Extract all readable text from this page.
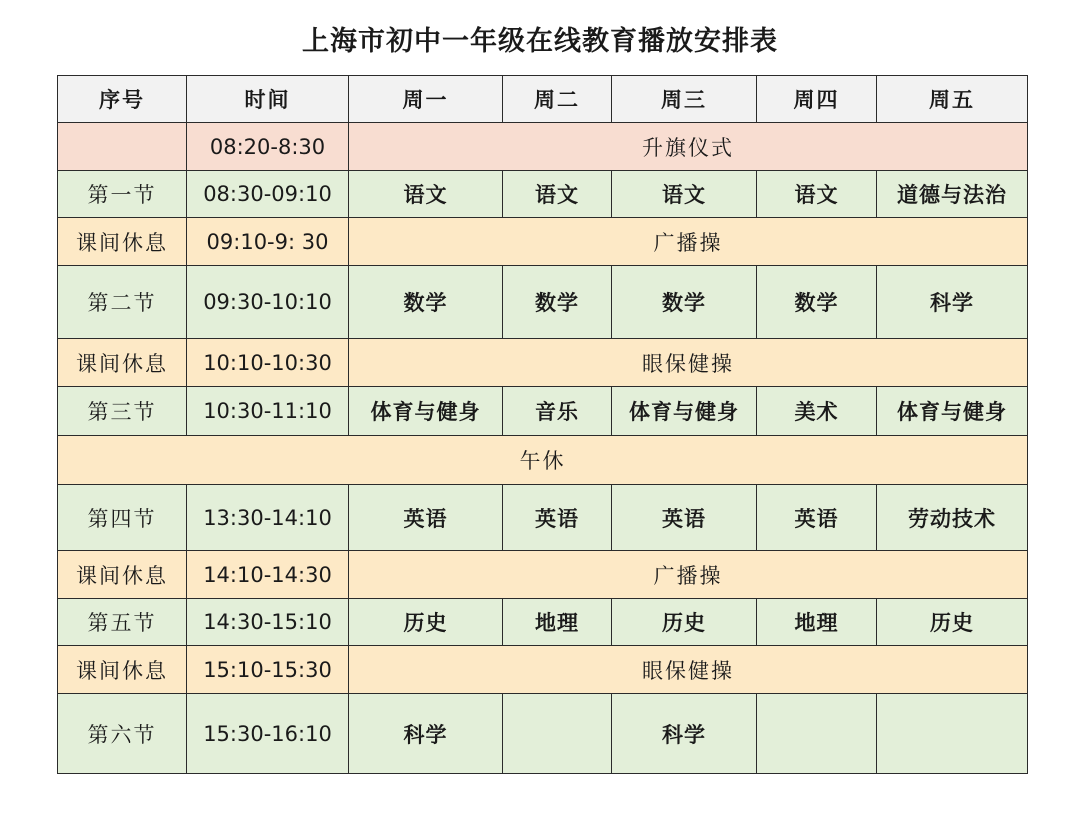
上海市初中一年级在线教育播放安排表
序号	时间	周一	周二	周三	周四	周五
	08:20-8:30	升旗仪式				
第一节	08:30-09:10	语文	语文	语文	语文	道德与法治
课间休息	09:10-9: 30	广播操				
第二节	09:30-10:10	数学	数学	数学	数学	科学
课间休息	10:10-10:30	眼保健操				
第三节	10:30-11:10	体育与健身	音乐	体育与健身	美术	体育与健身
午休						
第四节	13:30-14:10	英语	英语	英语	英语	劳动技术
课间休息	14:10-14:30	广播操				
第五节	14:30-15:10	历史	地理	历史	地理	历史
课间休息	15:10-15:30	眼保健操				
第六节	15:30-16:10	科学		科学		
